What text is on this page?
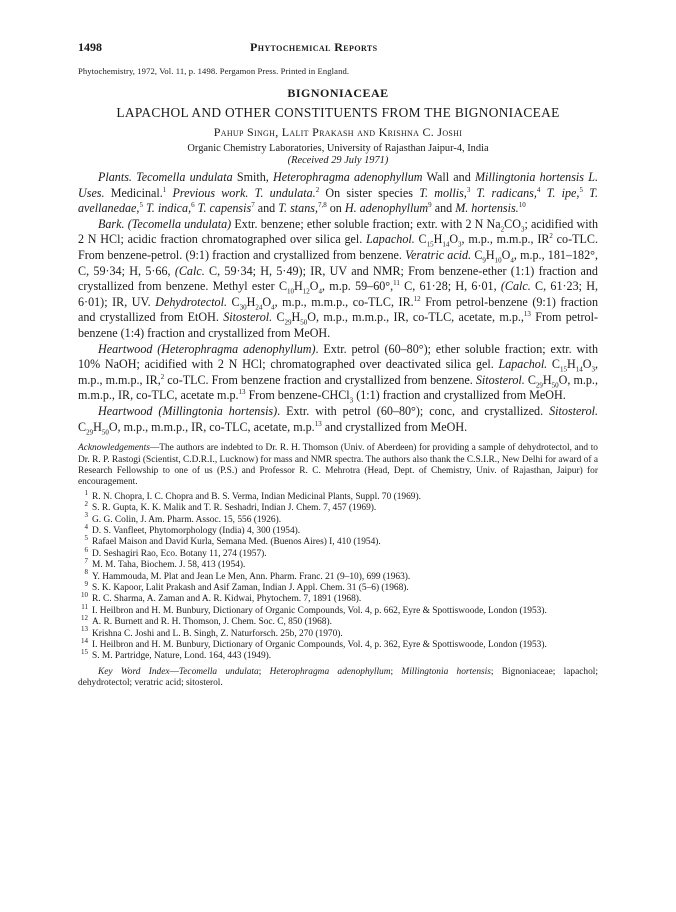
1498	Phytochemical Reports
Phytochemistry, 1972, Vol. 11, p. 1498. Pergamon Press. Printed in England.
BIGNONIACEAE
LAPACHOL AND OTHER CONSTITUENTS FROM THE BIGNONIACEAE
Pahup Singh, Lalit Prakash and Krishna C. Joshi
Organic Chemistry Laboratories, University of Rajasthan Jaipur-4, India
(Received 29 July 1971)

Plants. Tecomella undulata Smith, Heterophragma adenophyllum Wall and Millingtonia hortensis L. Uses. Medicinal.$^1$ Previous work. T. undulata.$^2$ On sister species T. mollis,$^3$ T. radicans,$^4$ T. ipe,$^5$ T. avellanedae,$^5$ T. indica,$^6$ T. capensis$^7$ and T. stans,$^{7,8}$ on H. adenophyllum$^9$ and M. hortensis.$^{10}$

Bark. (Tecomella undulata) Extr. benzene; ether soluble fraction; extr. with 2 N $Na_2CO_3$; acidified with 2 N HCl; acidic fraction chromatographed over silica gel. Lapachol. $C_{15}H_{14}O_3$, m.p., m.m.p., $IR^2$ co-TLC. From benzene-petrol. (9:1) fraction and crystallized from benzene. Veratric acid. $C_9H_{10}O_4$, m.p., 181–182°, C, 59·34; H, 5·66, (Calc. C, 59·34; H, 5·49); IR, UV and NMR; From benzene-ether (1:1) fraction and crystallized from benzene. Methyl ester $C_{10}H_{12}O_4$, m.p. 59–60°,$^{11}$ C, 61·28; H, 6·01, (Calc. C, 61·23; H, 6·01); IR, UV. Dehydrotectol. $C_{30}H_{24}O_4$, m.p., m.m.p., co-TLC, IR.$^{12}$ From petrol-benzene (9:1) fraction and crystallized from EtOH. Sitosterol. $C_{29}H_{50}O$, m.p., m.m.p., IR, co-TLC, acetate, m.p.,$^{13}$ From petrol-benzene (1:4) fraction and crystallized from MeOH.

Heartwood (Heterophragma adenophyllum). Extr. petrol (60–80°); ether soluble fraction; extr. with 10% NaOH; acidified with 2 N HCl; chromatographed over deactivated silica gel. Lapachol. $C_{15}H_{14}O_3$, m.p., m.m.p., IR,$^2$ co-TLC. From benzene fraction and crystallized from benzene. Sitosterol. $C_{29}H_{50}O$, m.p., m.m.p., IR, co-TLC, acetate m.p.$^{13}$ From benzene-CHCl$_3$ (1:1) fraction and crystallized from MeOH.

Heartwood (Millingtonia hortensis). Extr. with petrol (60–80°); conc, and crystallized. Sitosterol. $C_{29}H_{50}O$, m.p., m.m.p., IR, co-TLC, acetate, m.p.$^{13}$ and crystallized from MeOH.

Acknowledgements—The authors are indebted to Dr. R. H. Thomson (Univ. of Aberdeen) for providing a sample of dehydrotectol, and to Dr. R. P. Rastogi (Scientist, C.D.R.I., Lucknow) for mass and NMR spectra. The authors also thank the C.S.I.R., New Delhi for award of a Research Fellowship to one of us (P.S.) and Professor R. C. Mehrotra (Head, Dept. of Chemistry, Univ. of Rajasthan, Jaipur) for encouragement.
1 R. N. Chopra, I. C. Chopra and B. S. Verma, Indian Medicinal Plants, Suppl. 70 (1969).
2 S. R. Gupta, K. K. Malik and T. R. Seshadri, Indian J. Chem. 7, 457 (1969).
3 G. G. Colin, J. Am. Pharm. Assoc. 15, 556 (1926).
4 D. S. Vanfleet, Phytomorphology (India) 4, 300 (1954).
5 Rafael Maison and David Kurla, Semana Med. (Buenos Aires) I, 410 (1954).
6 D. Seshagiri Rao, Eco. Botany 11, 274 (1957).
7 M. M. Taha, Biochem. J. 58, 413 (1954).
8 Y. Hammouda, M. Plat and Jean Le Men, Ann. Pharm. Franc. 21 (9–10), 699 (1963).
9 S. K. Kapoor, Lalit Prakash and Asif Zaman, Indian J. Appl. Chem. 31 (5–6) (1968).
10 R. C. Sharma, A. Zaman and A. R. Kidwai, Phytochem. 7, 1891 (1968).
11 I. Heilbron and H. M. Bunbury, Dictionary of Organic Compounds, Vol. 4, p. 662, Eyre & Spottiswoode, London (1953).
12 A. R. Burnett and R. H. Thomson, J. Chem. Soc. C, 850 (1968).
13 Krishna C. Joshi and L. B. Singh, Z. Naturforsch. 25b, 270 (1970).
14 I. Heilbron and H. M. Bunbury, Dictionary of Organic Compounds, Vol. 4, p. 362, Eyre & Spottiswoode, London (1953).
15 S. M. Partridge, Nature, Lond. 164, 443 (1949).
Key Word Index—Tecomella undulata; Heterophragma adenophyllum; Millingtonia hortensis; Bignoniaceae; lapachol; dehydrotectol; veratric acid; sitosterol.
